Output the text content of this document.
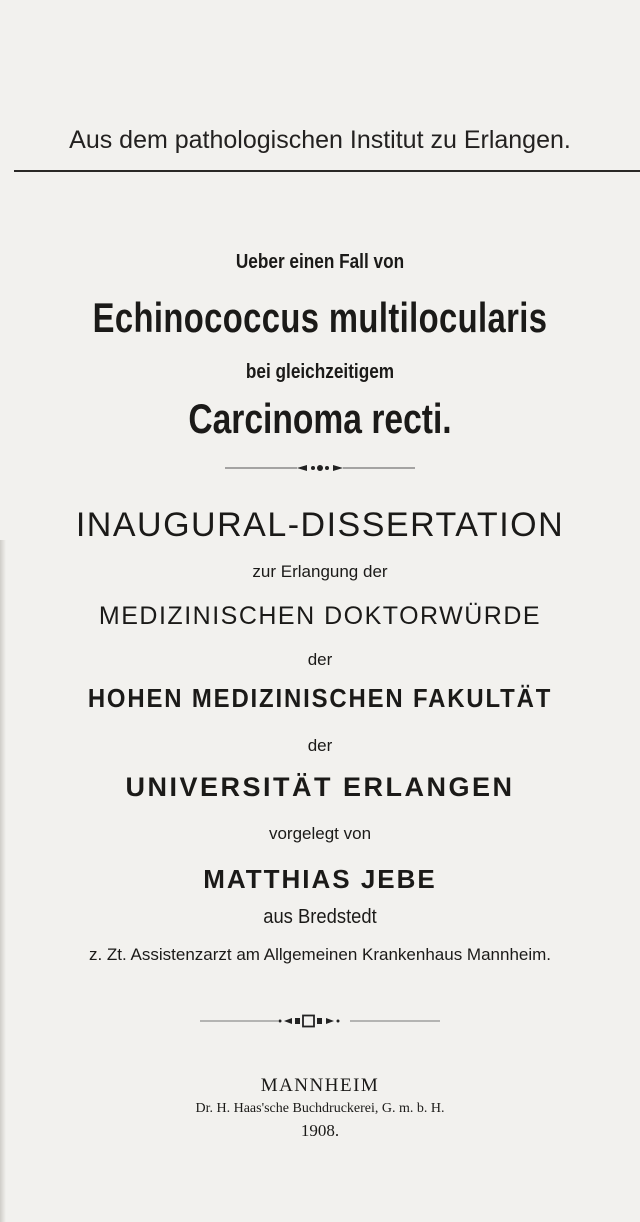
Aus dem pathologischen Institut zu Erlangen.
Ueber einen Fall von
Echinococcus multilocularis
bei gleichzeitigem
Carcinoma recti.
INAUGURAL-DISSERTATION
zur Erlangung der
MEDIZINISCHEN DOKTORWÜRDE
der
HOHEN MEDIZINISCHEN FAKULTÄT
der
UNIVERSITÄT ERLANGEN
vorgelegt von
MATTHIAS JEBE
aus Bredstedt
z. Zt. Assistenzarzt am Allgemeinen Krankenhaus Mannheim.
MANNHEIM
Dr. H. Haas'sche Buchdruckerei, G. m. b. H.
1908.
